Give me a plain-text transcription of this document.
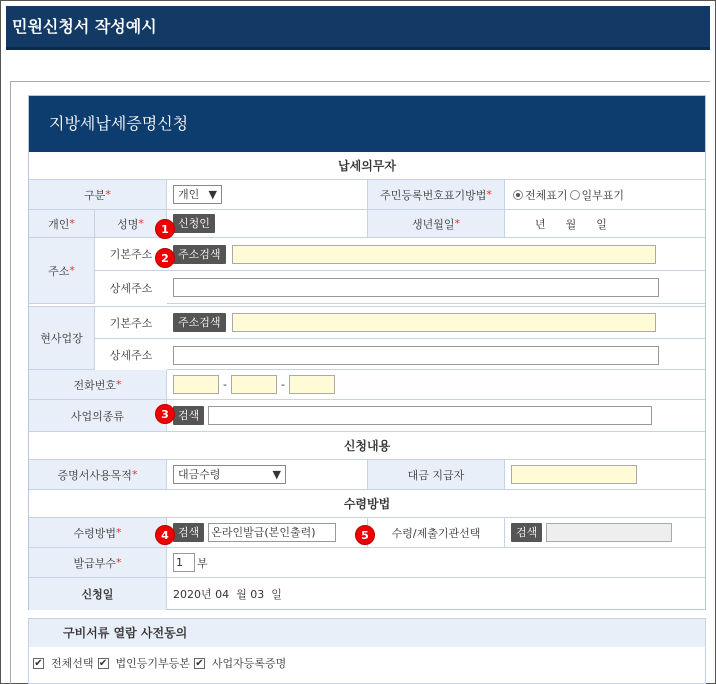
민원신청서 작성예시
지방세납세증명신청
납세의무자
구분 *	개인 ▼	주민등록번호표기방법 *	전체표기 일부표기
개인 *	성명 *	신청인	생년월일 *	년 월 일
주소 *
기본주소	주소검색
상세주소
현사업장
기본주소	주소검색
상세주소
전화번호 *	-	-
사업의종류	검색
신청내용
증명서사용목적 *	대금수령	▼	대금 지급자
수령방법
수령방법 *	검색	온라인발급(본인출력)	수령/제출기관선택	검색
발급부수 *	1	부
신청일	2020년 04  월 03  일
구비서류 열람 사전동의
✔ 전체선택 ✔ 법인등기부등본 ✔ 사업자등록증명
1
2
3
4	5
